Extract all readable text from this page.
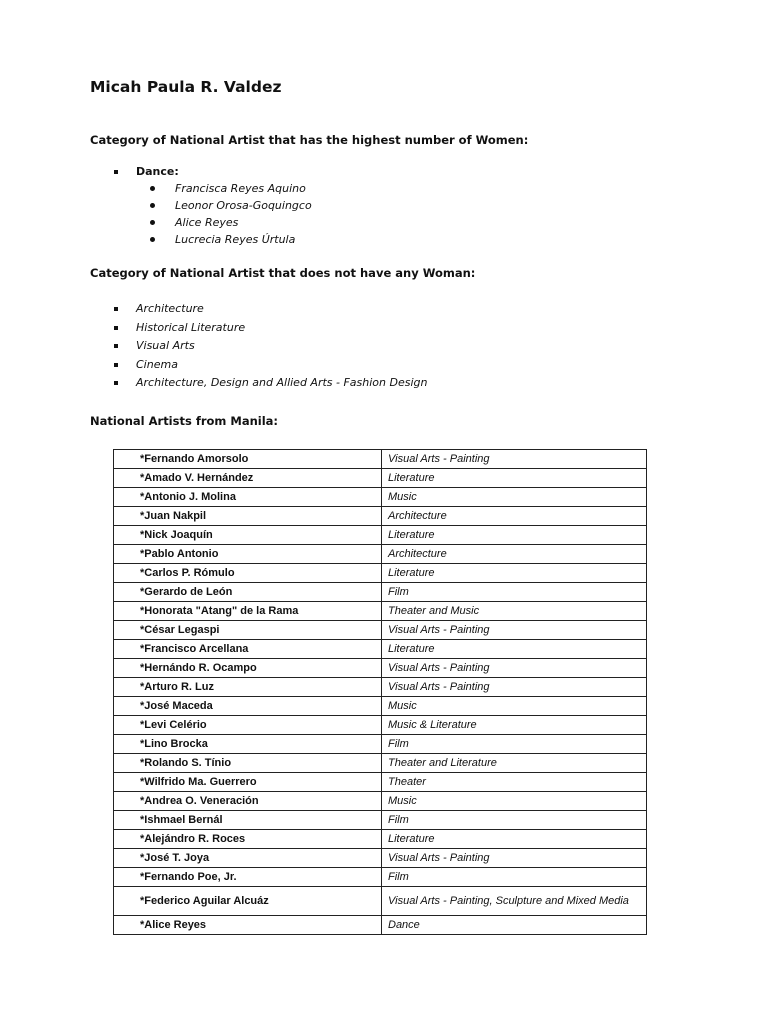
Micah Paula R. Valdez

Category of National Artist that has the highest number of Women:

Dance:
Francisca Reyes Aquino
Leonor Orosa-Goquingco
Alice Reyes
Lucrecia Reyes Úrtula

Category of National Artist that does not have any Woman:

Architecture
Historical Literature
Visual Arts
Cinema
Architecture, Design and Allied Arts - Fashion Design

National Artists from Manila:

*Fernando Amorsolo	Visual Arts - Painting
*Amado V. Hernández	Literature
*Antonio J. Molina	Music
*Juan Nakpil	Architecture
*Nick Joaquín	Literature
*Pablo Antonio	Architecture
*Carlos P. Rómulo	Literature
*Gerardo de León	Film
*Honorata "Atang" de la Rama	Theater and Music
*César Legaspi	Visual Arts - Painting
*Francisco Arcellana	Literature
*Hernándo R. Ocampo	Visual Arts - Painting
*Arturo R. Luz	Visual Arts - Painting
*José Maceda	Music
*Levi Celério	Music & Literature
*Lino Brocka	Film
*Rolando S. Tínio	Theater and Literature
*Wilfrido Ma. Guerrero	Theater
*Andrea O. Veneración	Music
*Ishmael Bernál	Film
*Alejándro R. Roces	Literature
*José T. Joya	Visual Arts - Painting
*Fernando Poe, Jr.	Film
*Federico Aguilar Alcuáz	Visual Arts - Painting, Sculpture and Mixed Media
*Alice Reyes	Dance
